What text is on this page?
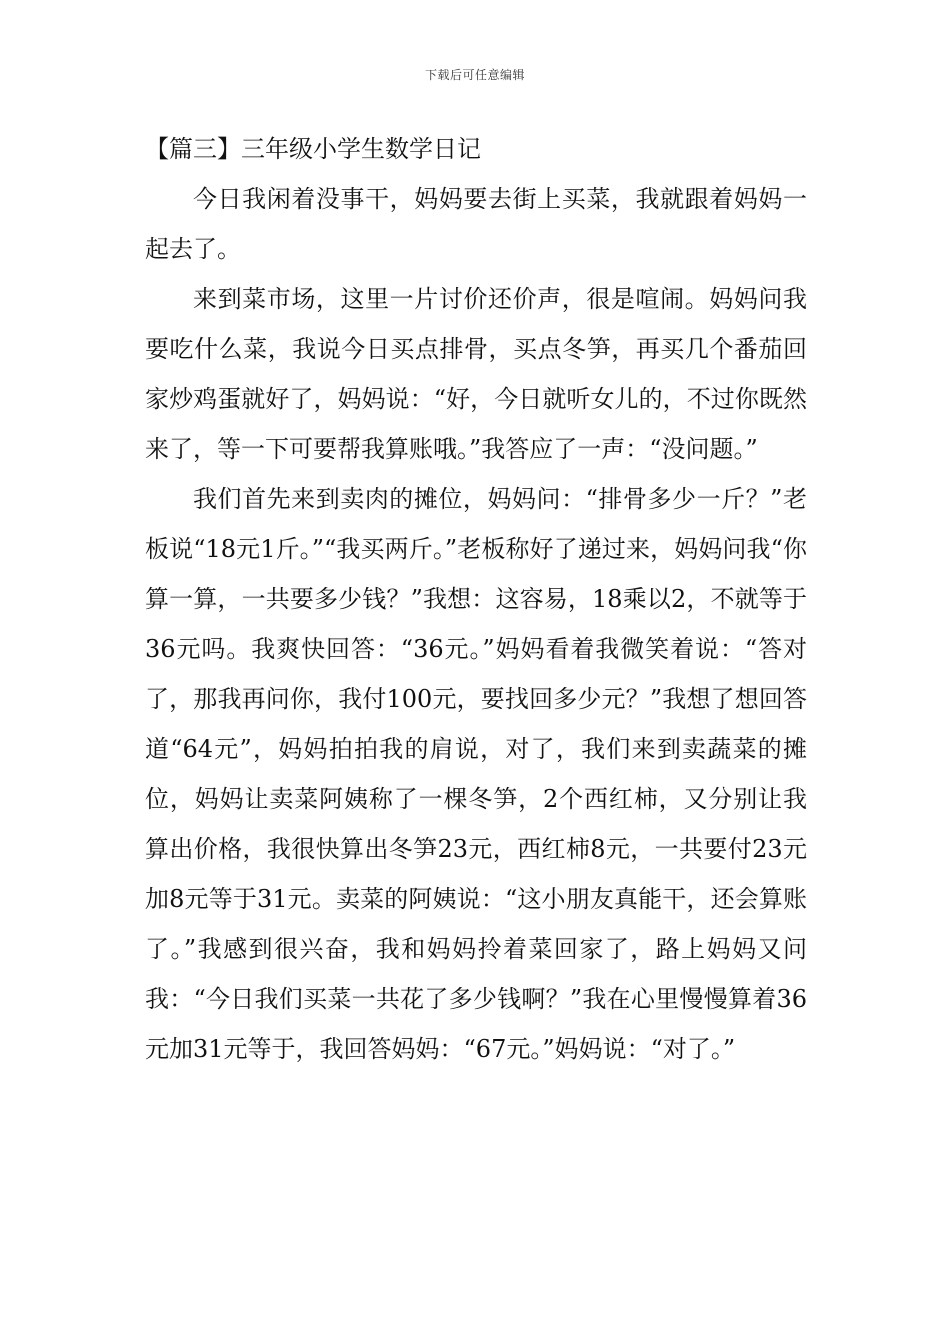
下载后可任意编辑
【篇三】三年级小学生数学日记

今日我闲着没事干，妈妈要去街上买菜，我就跟着妈妈一起去了。

来到菜市场，这里一片讨价还价声，很是喧闹。妈妈问我要吃什么菜，我说今日买点排骨，买点冬笋，再买几个番茄回家炒鸡蛋就好了，妈妈说：“好，今日就听女儿的，不过你既然来了，等一下可要帮我算账哦。”我答应了一声：“没问题。”

我们首先来到卖肉的摊位，妈妈问：“排骨多少一斤？”老板说“18元1斤。”“我买两斤。”老板称好了递过来，妈妈问我“你算一算，一共要多少钱？”我想：这容易，18乘以2，不就等于36元吗。我爽快回答：“36元。”妈妈看着我微笑着说：“答对了，那我再问你，我付100元，要找回多少元？”我想了想回答道“64元”，妈妈拍拍我的肩说，对了，我们来到卖蔬菜的摊位，妈妈让卖菜阿姨称了一棵冬笋，2个西红柿，又分别让我算出价格，我很快算出冬笋23元，西红柿8元，一共要付23元加8元等于31元。卖菜的阿姨说：“这小朋友真能干，还会算账了。”我感到很兴奋，我和妈妈拎着菜回家了，路上妈妈又问我：“今日我们买菜一共花了多少钱啊？”我在心里慢慢算着36元加31元等于，我回答妈妈：“67元。”妈妈说：“对了。”
